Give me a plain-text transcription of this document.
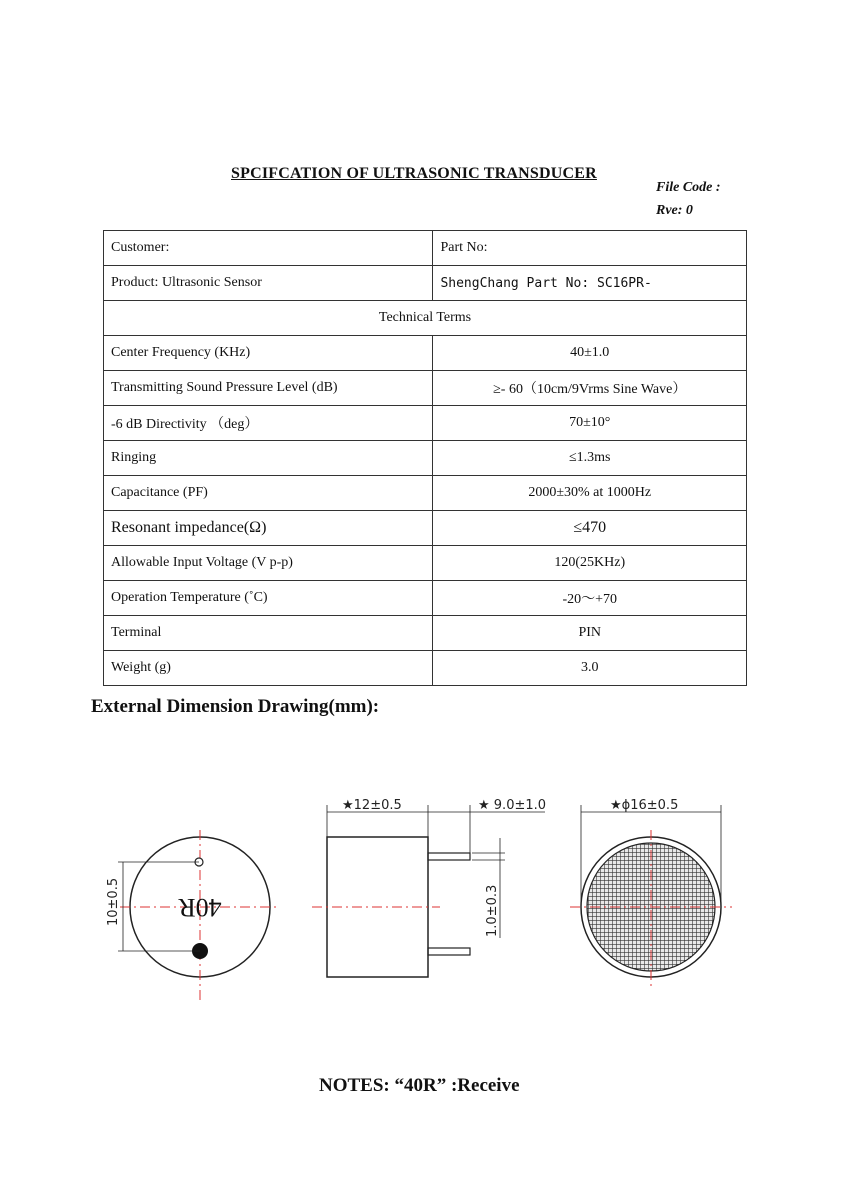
SPCIFCATION OF ULTRASONIC TRANSDUCER
File Code :
Rve: 0
Customer:	Part No:
Product: Ultrasonic Sensor	ShengChang Part No: SC16PR-
Technical Terms	
Center Frequency (KHz)	40±1.0
Transmitting Sound Pressure Level (dB)	≥- 60（10cm/9Vrms Sine Wave）
-6 dB Directivity （deg）	70±10°
Ringing	≤1.3ms
Capacitance (PF)	2000±30% at 1000Hz
Resonant impedance(Ω)	≤470
Allowable Input Voltage (V p-p)	120(25KHz)
Operation Temperature (˚C)	-20～+70
Terminal	PIN
Weight (g)	3.0
External Dimension Drawing(mm):
10±0.5 40R
★12±0.5	★ 9.0±1.0
1.0±0.3
★ϕ16±0.5
NOTES: “40R” :Receive
